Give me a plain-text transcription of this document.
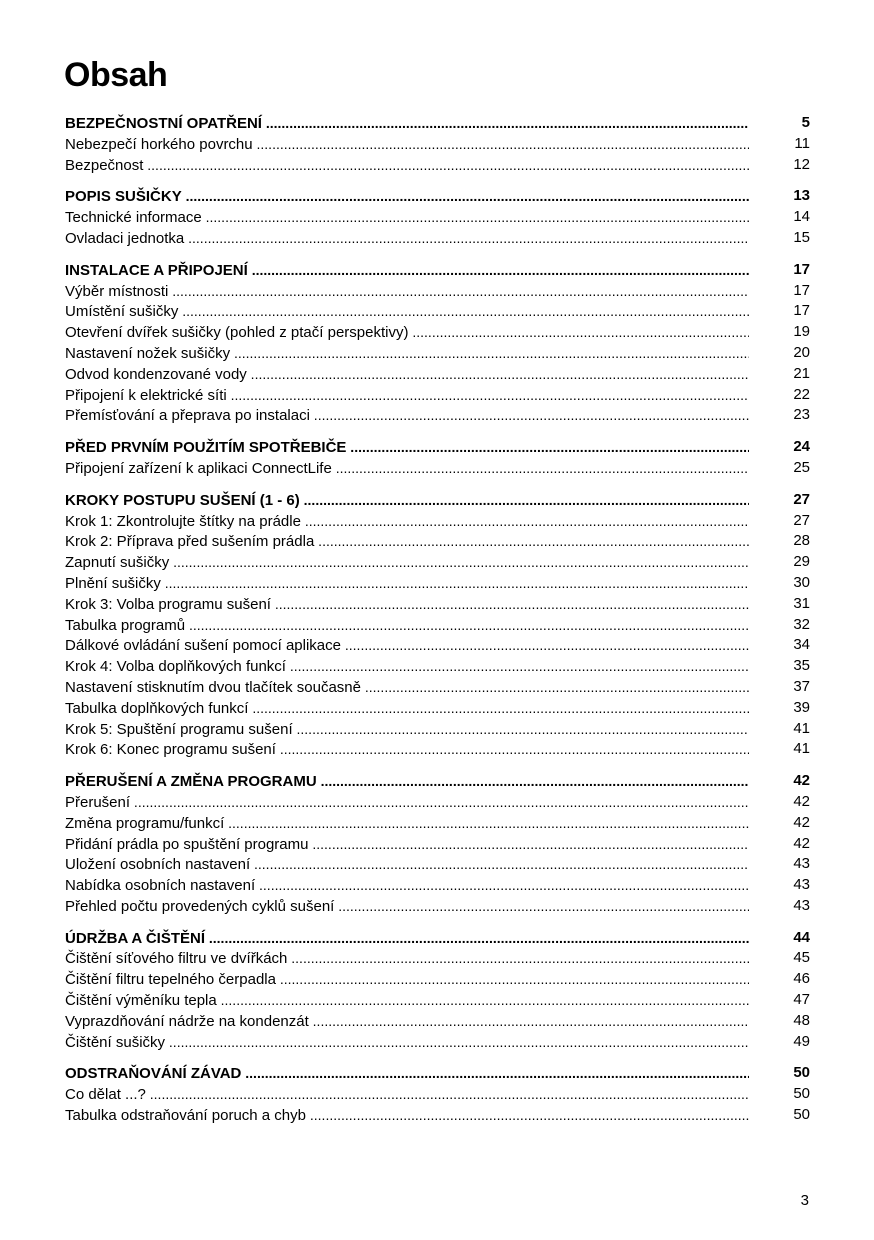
Obsah
BEZPEČNOSTNÍ OPATŘENÍ .....	5
Nebezpečí horkého povrchu .....	11
Bezpečnost .....	12
POPIS SUŠIČKY .....	13
Technické informace .....	14
Ovladaci jednotka .....	15
INSTALACE A PŘIPOJENÍ .....	17
Výběr místnosti .....	17
Umístění sušičky .....	17
Otevření dvířek sušičky (pohled z ptačí perspektivy) .....	19
Nastavení nožek sušičky .....	20
Odvod kondenzované vody .....	21
Připojení k elektrické síti .....	22
Přemísťování a přeprava po instalaci .....	23
PŘED PRVNÍM POUŽITÍM SPOTŘEBIČE .....	24
Připojení zařízení k aplikaci ConnectLife .....	25
KROKY POSTUPU SUŠENÍ (1 - 6) .....	27
Krok 1: Zkontrolujte štítky na prádle .....	27
Krok 2: Příprava před sušením prádla .....	28
Zapnutí sušičky .....	29
Plnění sušičky .....	30
Krok 3: Volba programu sušení .....	31
Tabulka programů .....	32
Dálkové ovládání sušení pomocí aplikace .....	34
Krok 4: Volba doplňkových funkcí .....	35
Nastavení stisknutím dvou tlačítek současně .....	37
Tabulka doplňkových funkcí .....	39
Krok 5: Spuštění programu sušení .....	41
Krok 6: Konec programu sušení .....	41
PŘERUŠENÍ A ZMĚNA PROGRAMU .....	42
Přerušení .....	42
Změna programu/funkcí .....	42
Přidání prádla po spuštění programu .....	42
Uložení osobních nastavení .....	43
Nabídka osobních nastavení .....	43
Přehled počtu provedených cyklů sušení .....	43
ÚDRŽBA A ČIŠTĚNÍ .....	44
Čištění síťového filtru ve dvířkách .....	45
Čištění filtru tepelného čerpadla .....	46
Čištění výměníku tepla .....	47
Vyprazdňování nádrže na kondenzát .....	48
Čištění sušičky .....	49
ODSTRAŇOVÁNÍ ZÁVAD .....	50
Co dělat ...? .....	50
Tabulka odstraňování poruch a chyb .....	50
3
